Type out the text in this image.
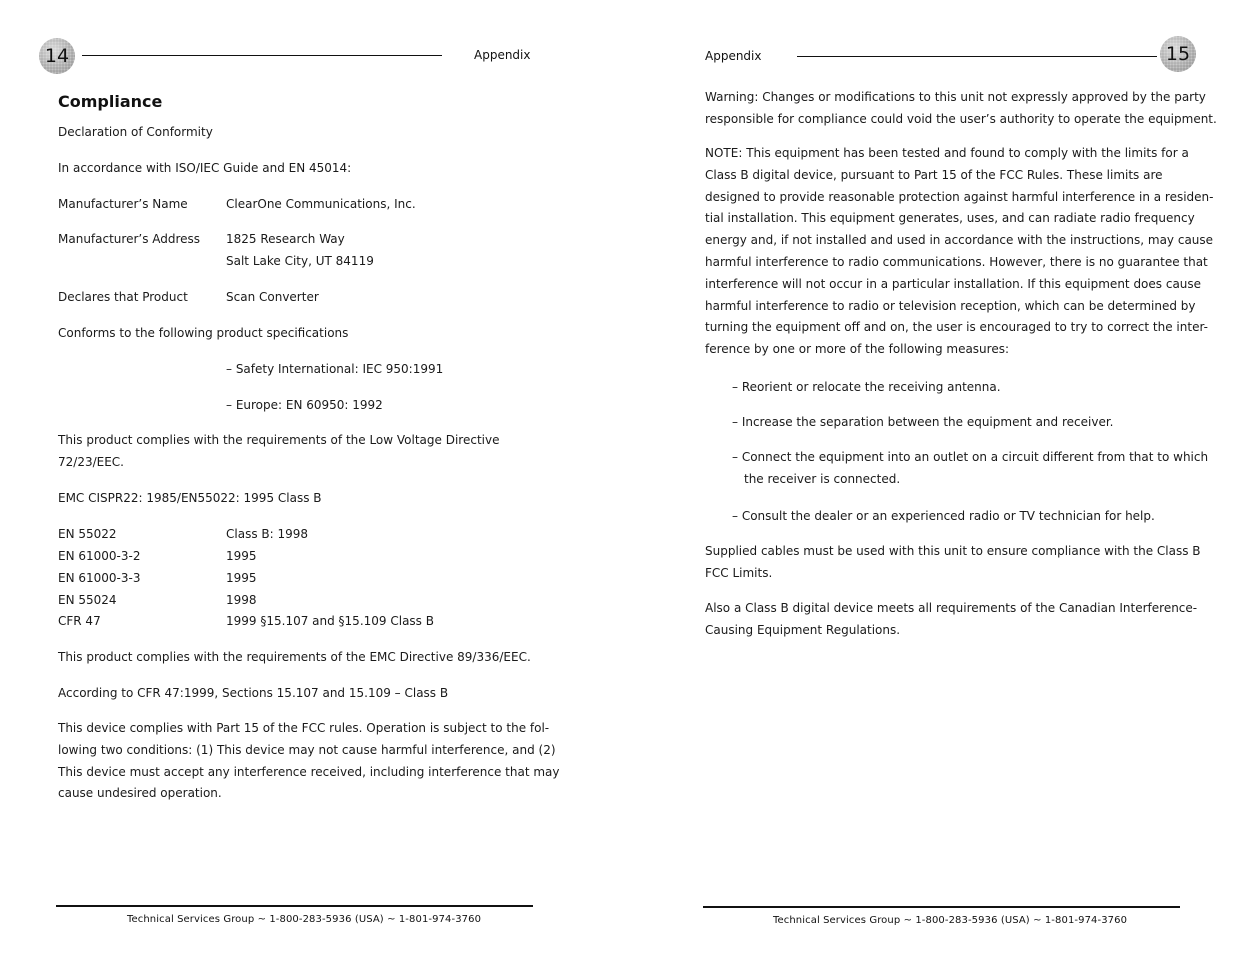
14	Appendix
Compliance
Declaration of Conformity
In accordance with ISO/IEC Guide and EN 45014:
Manufacturer’s Name	ClearOne Communications, Inc.
Manufacturer’s Address 1825 Research Way
Salt Lake City, UT 84119
Declares that Product	Scan Converter
Conforms to the following product specifications
– Safety International: IEC 950:1991
– Europe: EN 60950: 1992
This product complies with the requirements of the Low Voltage Directive
72/23/EEC.
EMC CISPR22: 1985/EN55022: 1995 Class B
EN 55022	Class B: 1998
EN 61000-3-2	1995
EN 61000-3-3	1995
EN 55024	1998
CFR 47	1999 §15.107 and §15.109 Class B
This product complies with the requirements of the EMC Directive 89/336/EEC.
According to CFR 47:1999, Sections 15.107 and 15.109 – Class B
This device complies with Part 15 of the FCC rules. Operation is subject to the fol-
lowing two conditions: (1) This device may not cause harmful interference, and (2)
This device must accept any interference received, including interference that may
cause undesired operation.
Technical Services Group ~ 1-800-283-5936 (USA) ~ 1-801-974-3760
Appendix	15
Warning: Changes or modifications to this unit not expressly approved by the party
responsible for compliance could void the user’s authority to operate the equipment.
NOTE: This equipment has been tested and found to comply with the limits for a
Class B digital device, pursuant to Part 15 of the FCC Rules. These limits are
designed to provide reasonable protection against harmful interference in a residen-
tial installation. This equipment generates, uses, and can radiate radio frequency
energy and, if not installed and used in accordance with the instructions, may cause
harmful interference to radio communications. However, there is no guarantee that
interference will not occur in a particular installation. If this equipment does cause
harmful interference to radio or television reception, which can be determined by
turning the equipment off and on, the user is encouraged to try to correct the inter-
ference by one or more of the following measures:
– Reorient or relocate the receiving antenna.
– Increase the separation between the equipment and receiver.
– Connect the equipment into an outlet on a circuit different from that to which
the receiver is connected.
– Consult the dealer or an experienced radio or TV technician for help.
Supplied cables must be used with this unit to ensure compliance with the Class B
FCC Limits.
Also a Class B digital device meets all requirements of the Canadian Interference-
Causing Equipment Regulations.
Technical Services Group ~ 1-800-283-5936 (USA) ~ 1-801-974-3760
